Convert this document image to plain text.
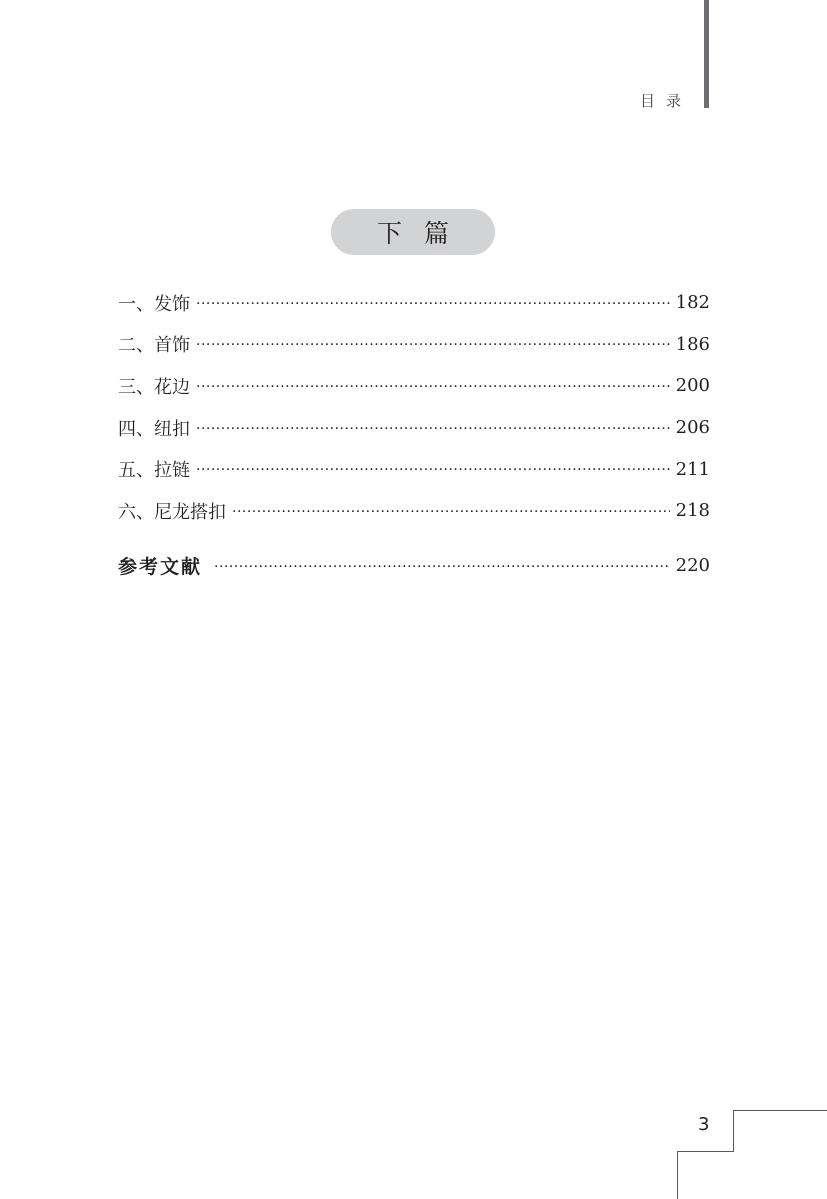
目录
下篇
一、发饰 ·····	182
二、首饰 ·····	186
三、花边 ·····	200
四、纽扣 ·····	206
五、拉链 ·····	211
六、尼龙搭扣 ·····	218
参考文献 ·····	220
3
